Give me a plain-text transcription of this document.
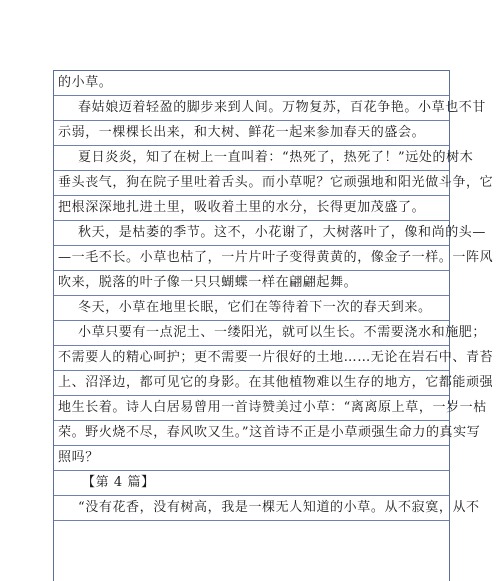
的小草。
春姑娘迈着轻盈的脚步来到人间。万物复苏，百花争艳。小草也不甘
示弱，一棵棵长出来，和大树、鲜花一起来参加春天的盛会。
夏日炎炎，知了在树上一直叫着：“热死了，热死了！”远处的树木
垂头丧气，狗在院子里吐着舌头。而小草呢？它顽强地和阳光做斗争，它
把根深深地扎进土里，吸收着土里的水分，长得更加茂盛了。
秋天，是枯萎的季节。这不，小花谢了，大树落叶了，像和尚的头—
—一毛不长。小草也枯了，一片片叶子变得黄黄的，像金子一样。一阵风
吹来，脱落的叶子像一只只蝴蝶一样在翩翩起舞。
冬天，小草在地里长眠，它们在等待着下一次的春天到来。
小草只要有一点泥土、一缕阳光，就可以生长。不需要浇水和施肥；
不需要人的精心呵护；更不需要一片很好的土地……无论在岩石中、青苔
上、沼泽边，都可见它的身影。在其他植物难以生存的地方，它都能顽强
地生长着。诗人白居易曾用一首诗赞美过小草：“离离原上草，一岁一枯
荣。野火烧不尽，春风吹又生。”这首诗不正是小草顽强生命力的真实写
照吗？
【第 4 篇】
“没有花香，没有树高，我是一棵无人知道的小草。从不寂寞，从不
